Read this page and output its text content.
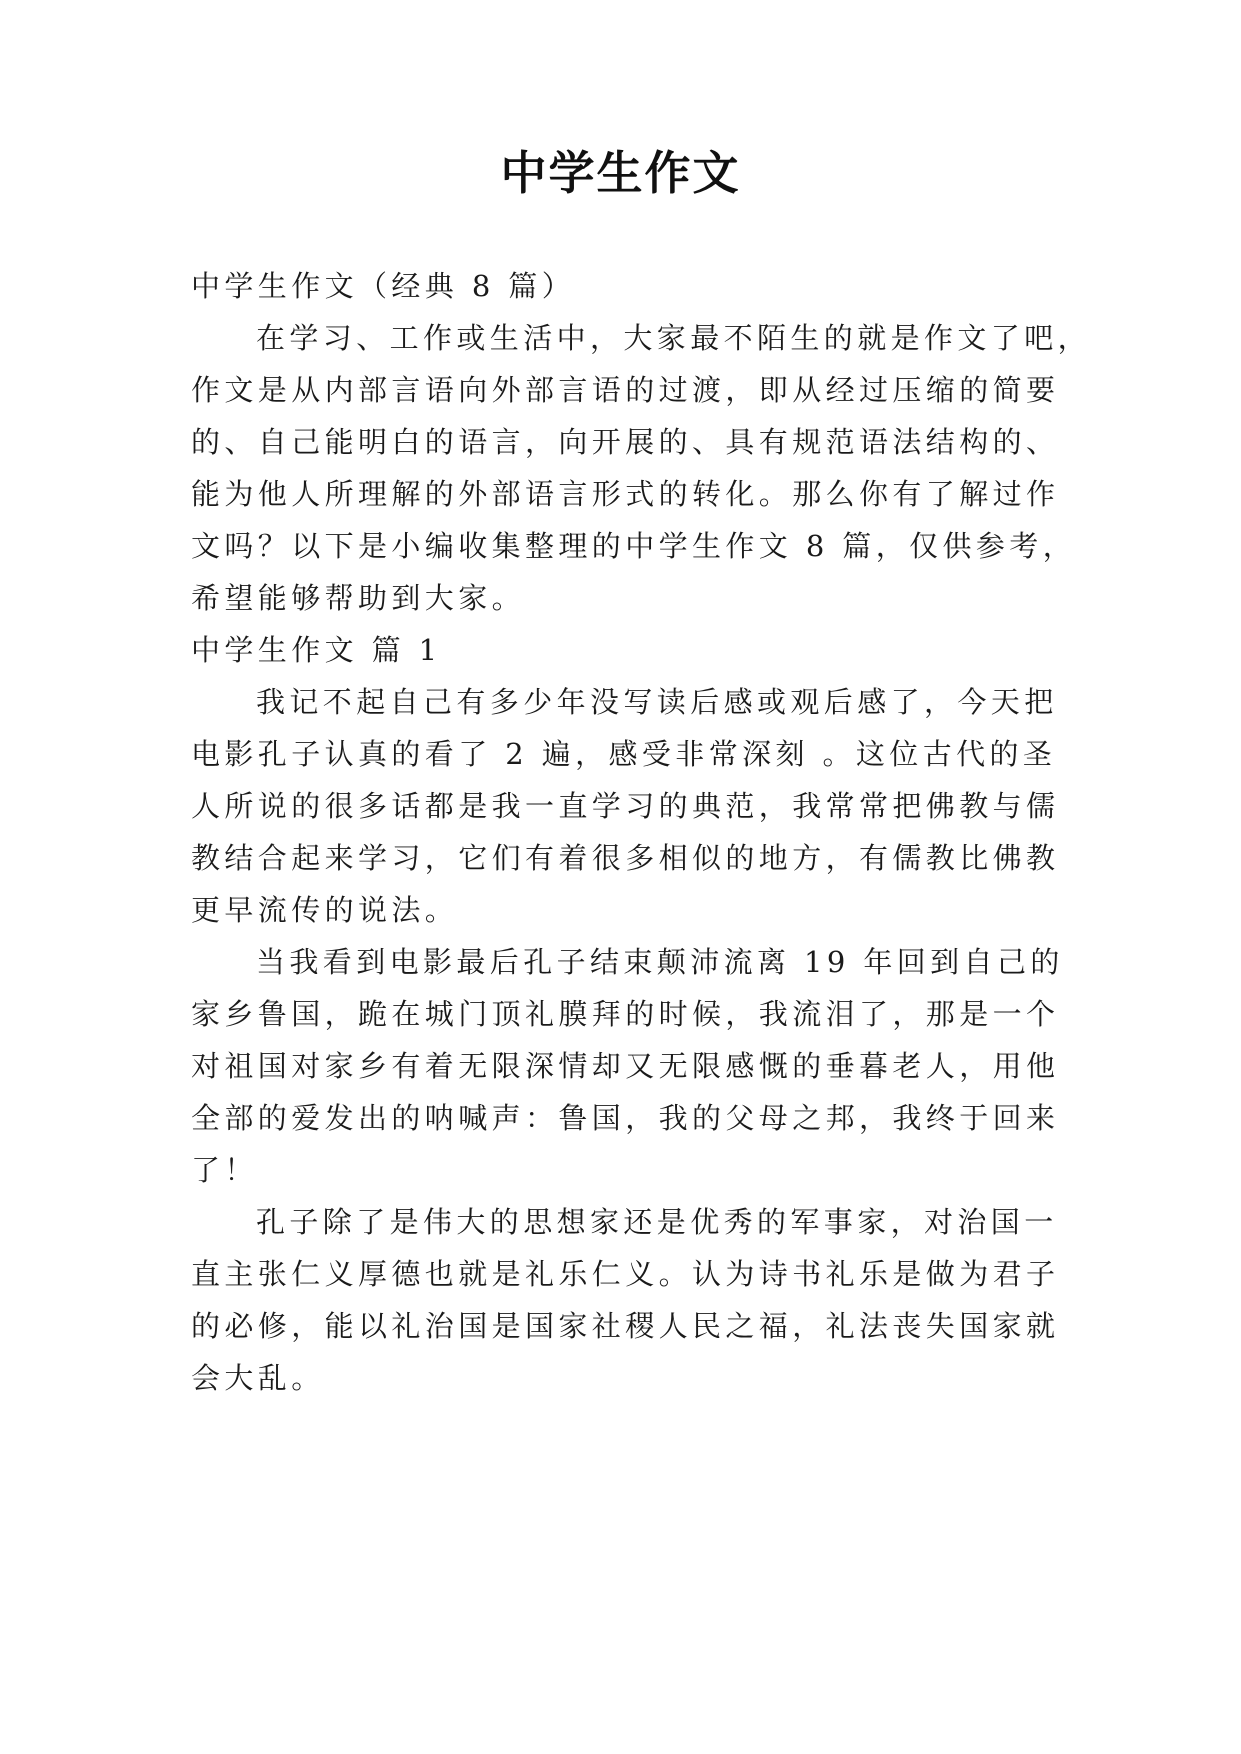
中学生作文
中学生作文（经典 8 篇）
在学习、工作或生活中，大家最不陌生的就是作文了吧，
作文是从内部言语向外部言语的过渡，即从经过压缩的简要
的、自己能明白的语言，向开展的、具有规范语法结构的、
能为他人所理解的外部语言形式的转化。那么你有了解过作
文吗？以下是小编收集整理的中学生作文 8 篇，仅供参考，
希望能够帮助到大家。
中学生作文 篇 1
我记不起自己有多少年没写读后感或观后感了，今天把
电影孔子认真的看了 2 遍，感受非常深刻 。这位古代的圣
人所说的很多话都是我一直学习的典范，我常常把佛教与儒
教结合起来学习，它们有着很多相似的地方，有儒教比佛教
更早流传的说法。
当我看到电影最后孔子结束颠沛流离 19 年回到自己的
家乡鲁国，跪在城门顶礼膜拜的时候，我流泪了，那是一个
对祖国对家乡有着无限深情却又无限感慨的垂暮老人，用他
全部的爱发出的呐喊声：鲁国，我的父母之邦，我终于回来
了！
孔子除了是伟大的思想家还是优秀的军事家，对治国一
直主张仁义厚德也就是礼乐仁义。认为诗书礼乐是做为君子
的必修，能以礼治国是国家社稷人民之福，礼法丧失国家就
会大乱。
